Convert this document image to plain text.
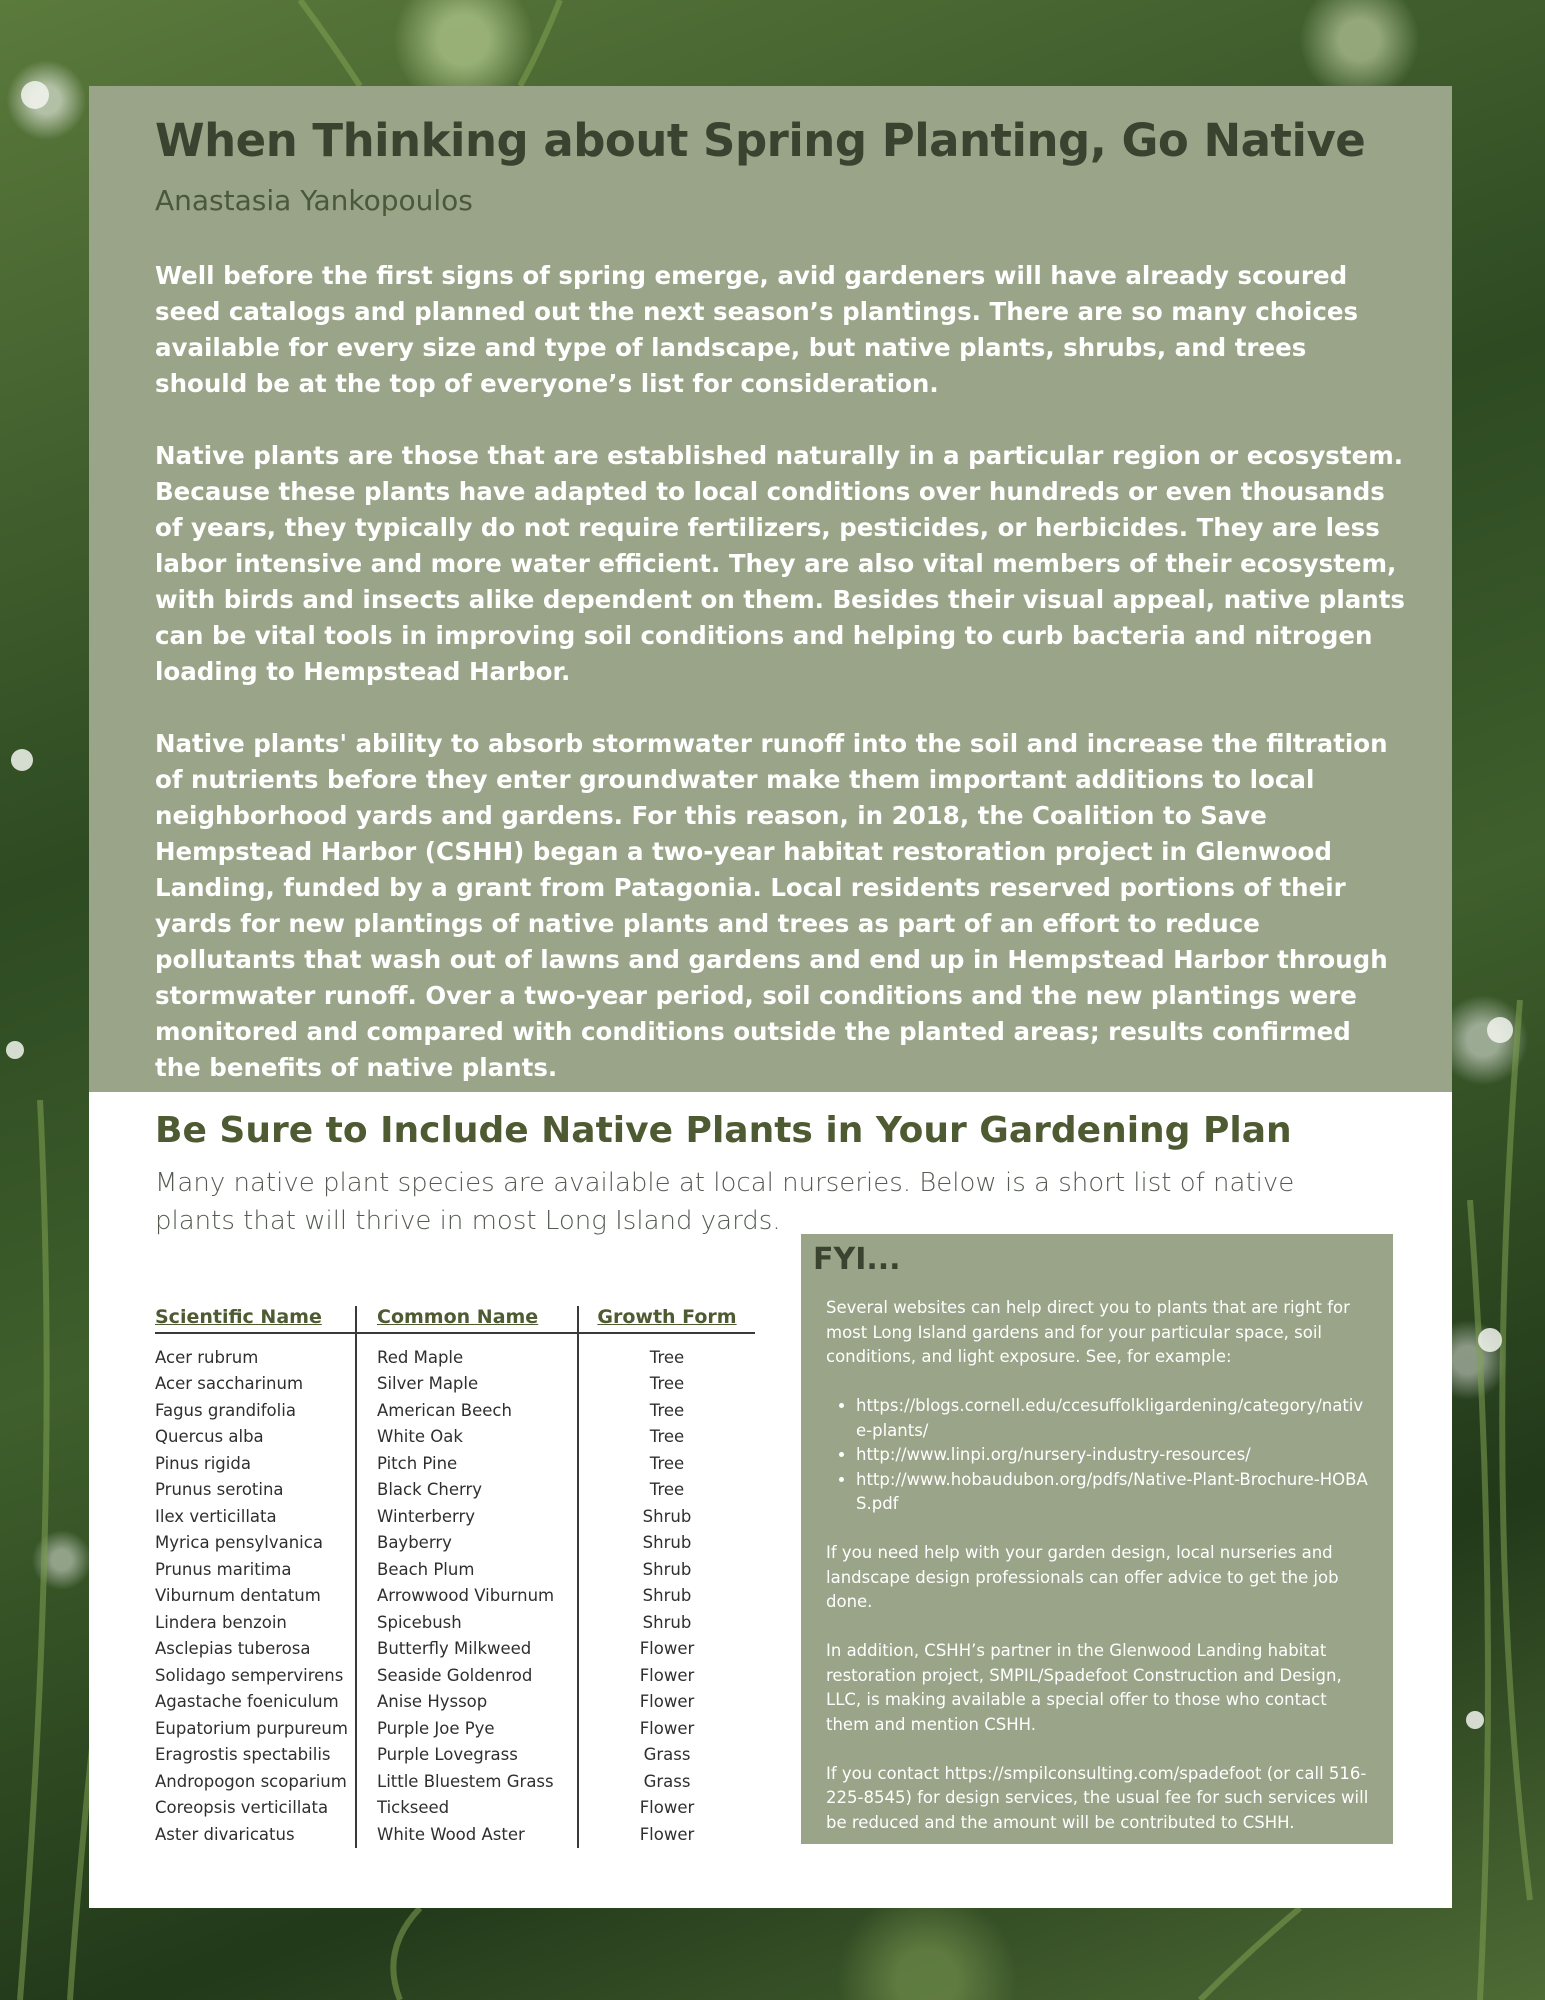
When Thinking about Spring Planting, Go Native
Anastasia Yankopoulos

Well before the first signs of spring emerge, avid gardeners will have already scoured seed catalogs and planned out the next season’s plantings. There are so many choices available for every size and type of landscape, but native plants, shrubs, and trees should be at the top of everyone’s list for consideration.

Native plants are those that are established naturally in a particular region or ecosystem. Because these plants have adapted to local conditions over hundreds or even thousands of years, they typically do not require fertilizers, pesticides, or herbicides. They are less labor intensive and more water efficient. They are also vital members of their ecosystem, with birds and insects alike dependent on them. Besides their visual appeal, native plants can be vital tools in improving soil conditions and helping to curb bacteria and nitrogen loading to Hempstead Harbor.

Native plants' ability to absorb stormwater runoff into the soil and increase the filtration of nutrients before they enter groundwater make them important additions to local neighborhood yards and gardens. For this reason, in 2018, the Coalition to Save Hempstead Harbor (CSHH) began a two-year habitat restoration project in Glenwood Landing, funded by a grant from Patagonia. Local residents reserved portions of their yards for new plantings of native plants and trees as part of an effort to reduce pollutants that wash out of lawns and gardens and end up in Hempstead Harbor through stormwater runoff. Over a two-year period, soil conditions and the new plantings were monitored and compared with conditions outside the planted areas; results confirmed the benefits of native plants.

Be Sure to Include Native Plants in Your Gardening Plan
Many native plant species are available at local nurseries. Below is a short list of native plants that will thrive in most Long Island yards.
Scientific Name	Common Name	Growth Form
Acer rubrum	Red Maple	Tree
Acer saccharinum	Silver Maple	Tree
Fagus grandifolia	American Beech	Tree
Quercus alba	White Oak	Tree
Pinus rigida	Pitch Pine	Tree
Prunus serotina	Black Cherry	Tree
Ilex verticillata	Winterberry	Shrub
Myrica pensylvanica	Bayberry	Shrub
Prunus maritima	Beach Plum	Shrub
Viburnum dentatum	Arrowwood Viburnum	Shrub
Lindera benzoin	Spicebush	Shrub
Asclepias tuberosa	Butterfly Milkweed	Flower
Solidago sempervirens	Seaside Goldenrod	Flower
Agastache foeniculum	Anise Hyssop	Flower
Eupatorium purpureum	Purple Joe Pye	Flower
Eragrostis spectabilis	Purple Lovegrass	Grass
Andropogon scoparium	Little Bluestem Grass	Grass
Coreopsis verticillata	Tickseed	Flower
Aster divaricatus	White Wood Aster	Flower
FYI...

Several websites can help direct you to plants that are right for most Long Island gardens and for your particular space, soil conditions, and light exposure. See, for example:

• https://blogs.cornell.edu/ccesuffolkligardening/category/native-plants/
• http://www.linpi.org/nursery-industry-resources/
• http://www.hobaudubon.org/pdfs/Native-Plant-Brochure-HOBAS.pdf

If you need help with your garden design, local nurseries and landscape design professionals can offer advice to get the job done.

In addition, CSHH’s partner in the Glenwood Landing habitat restoration project, SMPIL/Spadefoot Construction and Design, LLC, is making available a special offer to those who contact them and mention CSHH.

If you contact https://smpilconsulting.com/spadefoot (or call 516-225-8545) for design services, the usual fee for such services will be reduced and the amount will be contributed to CSHH.
